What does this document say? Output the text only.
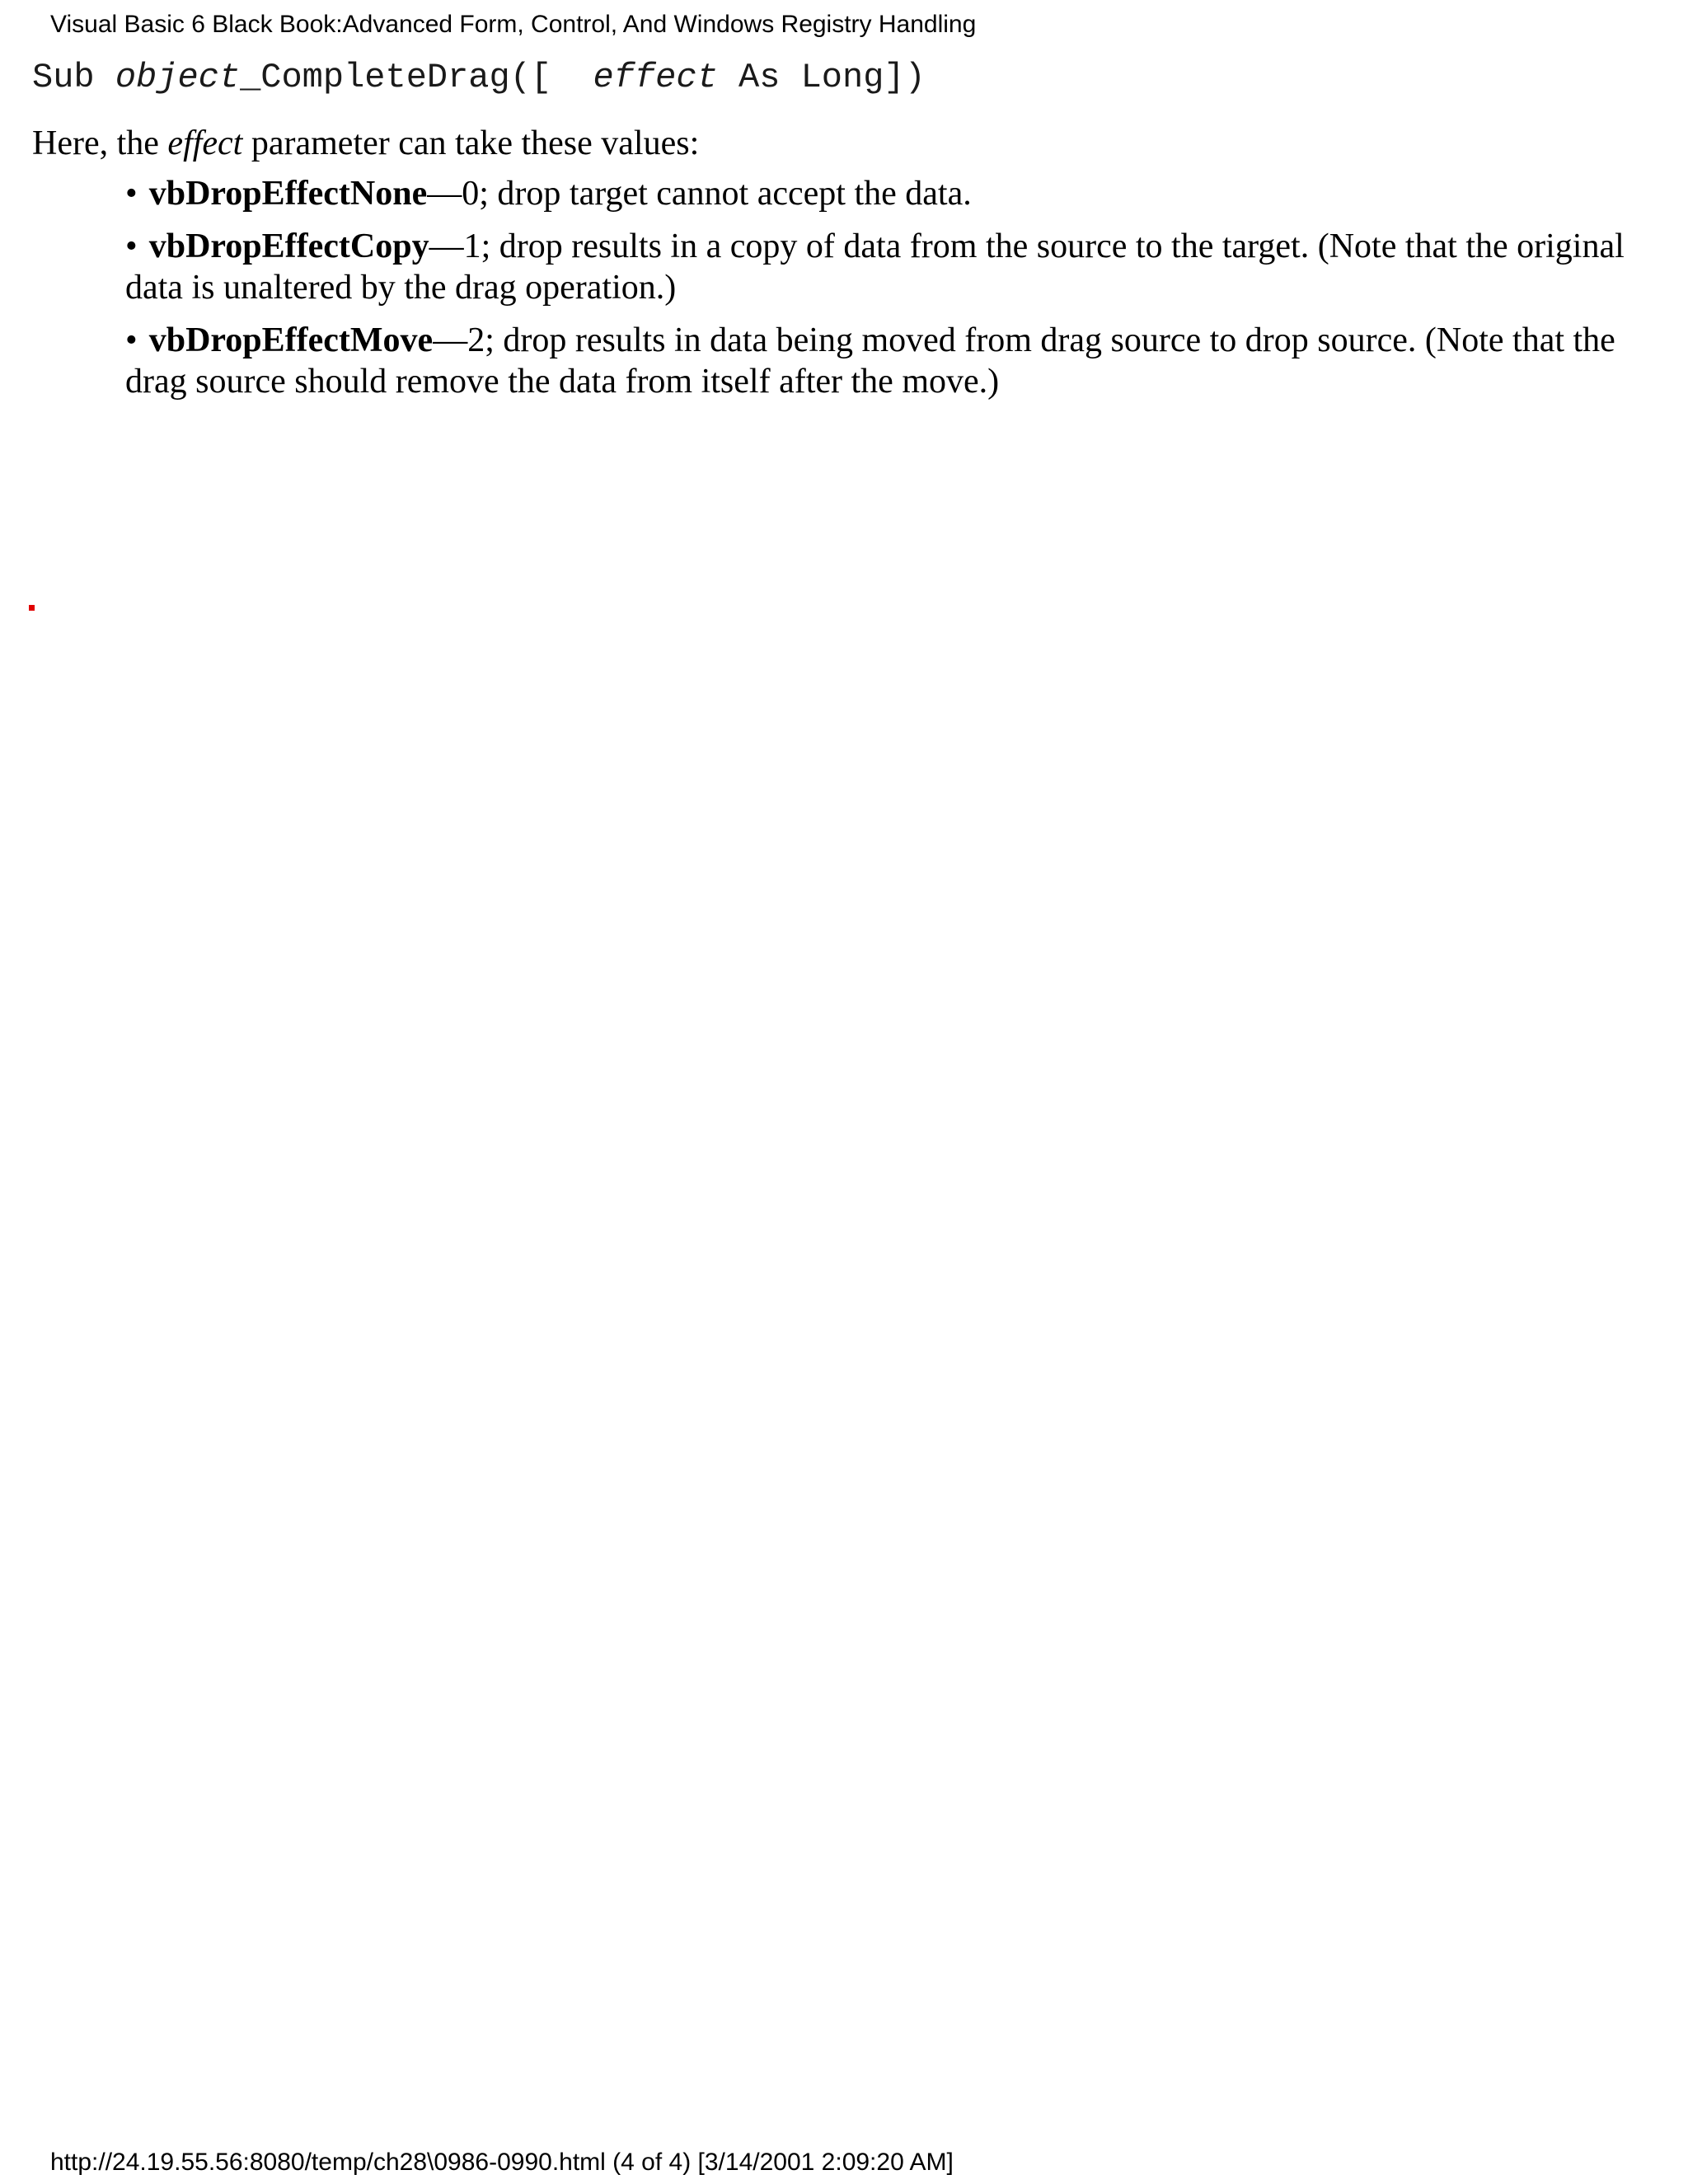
Visual Basic 6 Black Book:Advanced Form, Control, And Windows Registry Handling
Sub object_CompleteDrag([  effect As Long])
Here, the effect parameter can take these values:
• vbDropEffectNone—0; drop target cannot accept the data.
• vbDropEffectCopy—1; drop results in a copy of data from the source to the target. (Note that the original data is unaltered by the drag operation.)
• vbDropEffectMove—2; drop results in data being moved from drag source to drop source. (Note that the drag source should remove the data from itself after the move.)
http://24.19.55.56:8080/temp/ch28\0986-0990.html (4 of 4) [3/14/2001 2:09:20 AM]
